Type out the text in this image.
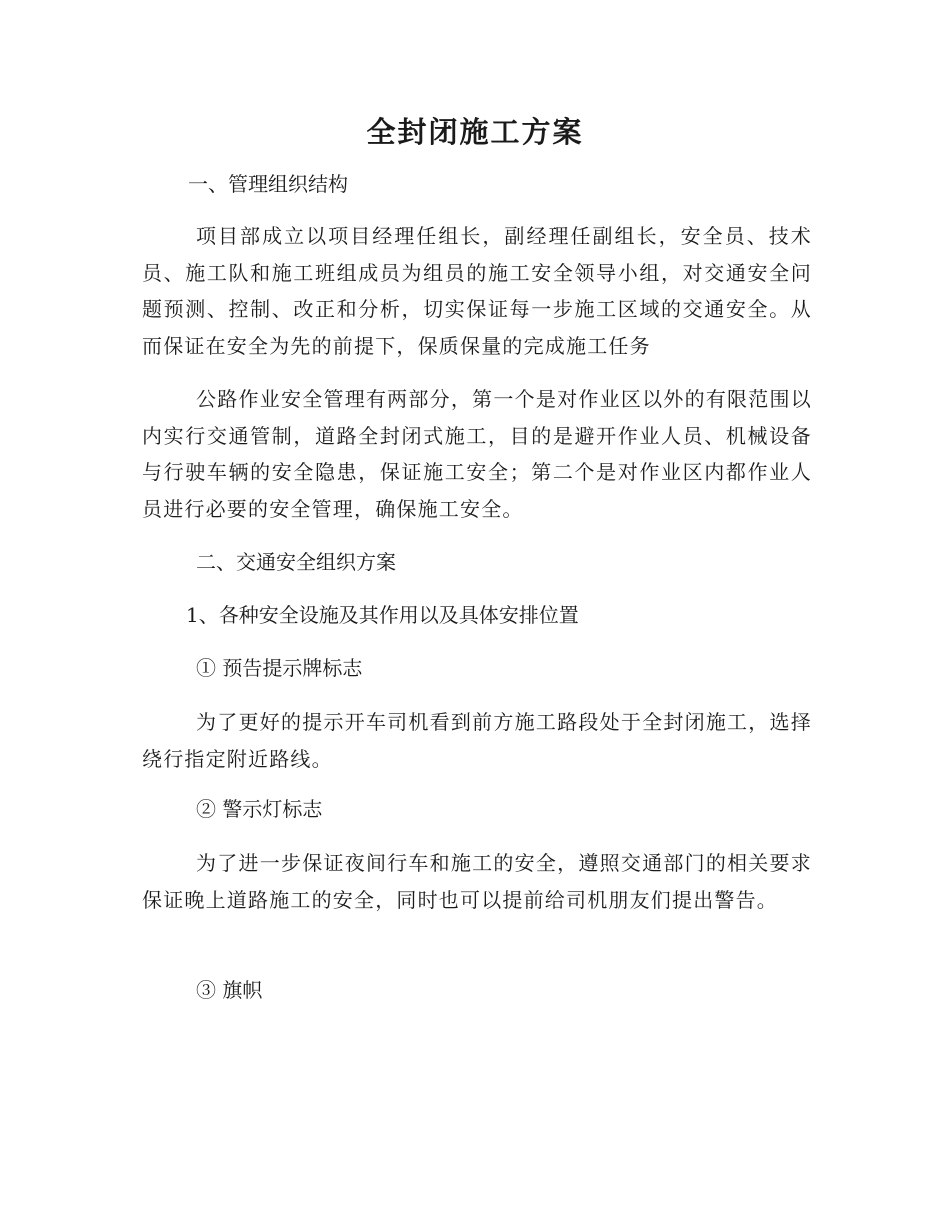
全封闭施工方案
一、管理组织结构

项目部成立以项目经理任组长，副经理任副组长，安全员、技术员、施工队和施工班组成员为组员的施工安全领导小组，对交通安全问题预测、控制、改正和分析，切实保证每一步施工区域的交通安全。从而保证在安全为先的前提下，保质保量的完成施工任务

公路作业安全管理有两部分，第一个是对作业区以外的有限范围以内实行交通管制，道路全封闭式施工，目的是避开作业人员、机械设备与行驶车辆的安全隐患，保证施工安全；第二个是对作业区内都作业人员进行必要的安全管理，确保施工安全。

二、交通安全组织方案
1、各种安全设施及其作用以及具体安排位置
① 预告提示牌标志

为了更好的提示开车司机看到前方施工路段处于全封闭施工，选择绕行指定附近路线。

② 警示灯标志

为了进一步保证夜间行车和施工的安全，遵照交通部门的相关要求保证晚上道路施工的安全，同时也可以提前给司机朋友们提出警告。

③ 旗帜
